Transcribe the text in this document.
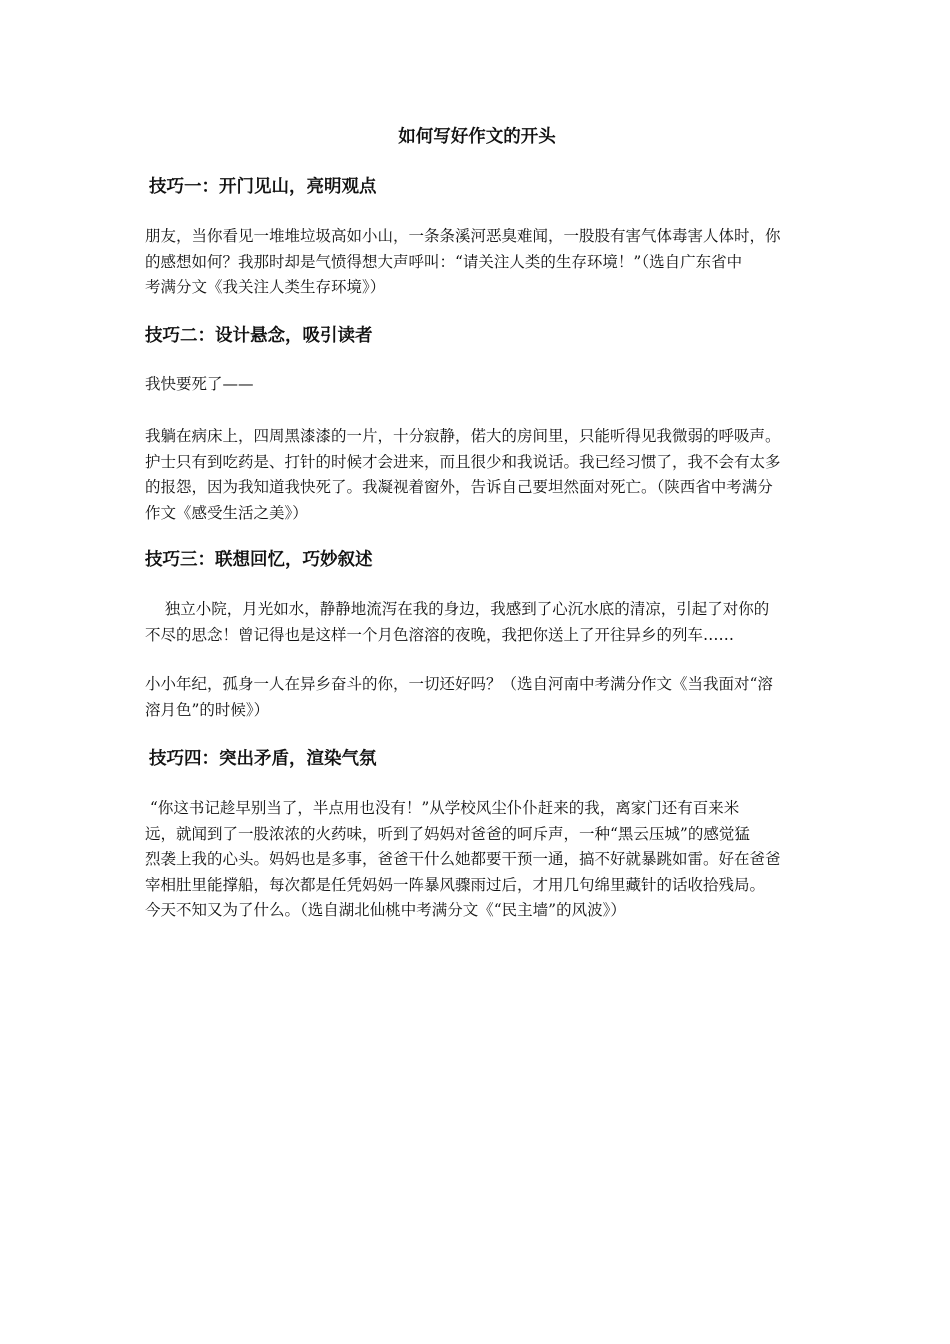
如何写好作文的开头
技巧一：开门见山，亮明观点

朋友，当你看见一堆堆垃圾高如小山，一条条溪河恶臭难闻，一股股有害气体毒害人体时，你
的感想如何？我那时却是气愤得想大声呼叫：“请关注人类的生存环境！”（选自广东省中
考满分文《我关注人类生存环境》）

技巧二：设计悬念，吸引读者

我快要死了——

我躺在病床上，四周黑漆漆的一片，十分寂静，偌大的房间里，只能听得见我微弱的呼吸声。
护士只有到吃药是、打针的时候才会进来，而且很少和我说话。我已经习惯了，我不会有太多
的报怨，因为我知道我快死了。我凝视着窗外，告诉自己要坦然面对死亡。（陕西省中考满分
作文《感受生活之美》）

技巧三：联想回忆，巧妙叙述

独立小院，月光如水，静静地流泻在我的身边，我感到了心沉水底的清凉，引起了对你的
不尽的思念！曾记得也是这样一个月色溶溶的夜晚，我把你送上了开往异乡的列车……

小小年纪，孤身一人在异乡奋斗的你，一切还好吗？（选自河南中考满分作文《当我面对“溶
溶月色”的时候》）

技巧四：突出矛盾，渲染气氛

“你这书记趁早别当了，半点用也没有！”从学校风尘仆仆赶来的我，离家门还有百来米
远，就闻到了一股浓浓的火药味，听到了妈妈对爸爸的呵斥声，一种“黑云压城”的感觉猛
烈袭上我的心头。妈妈也是多事，爸爸干什么她都要干预一通，搞不好就暴跳如雷。好在爸爸
宰相肚里能撑船，每次都是任凭妈妈一阵暴风骤雨过后，才用几句绵里藏针的话收拾残局。
今天不知又为了什么。（选自湖北仙桃中考满分文《“民主墙”的风波》）
